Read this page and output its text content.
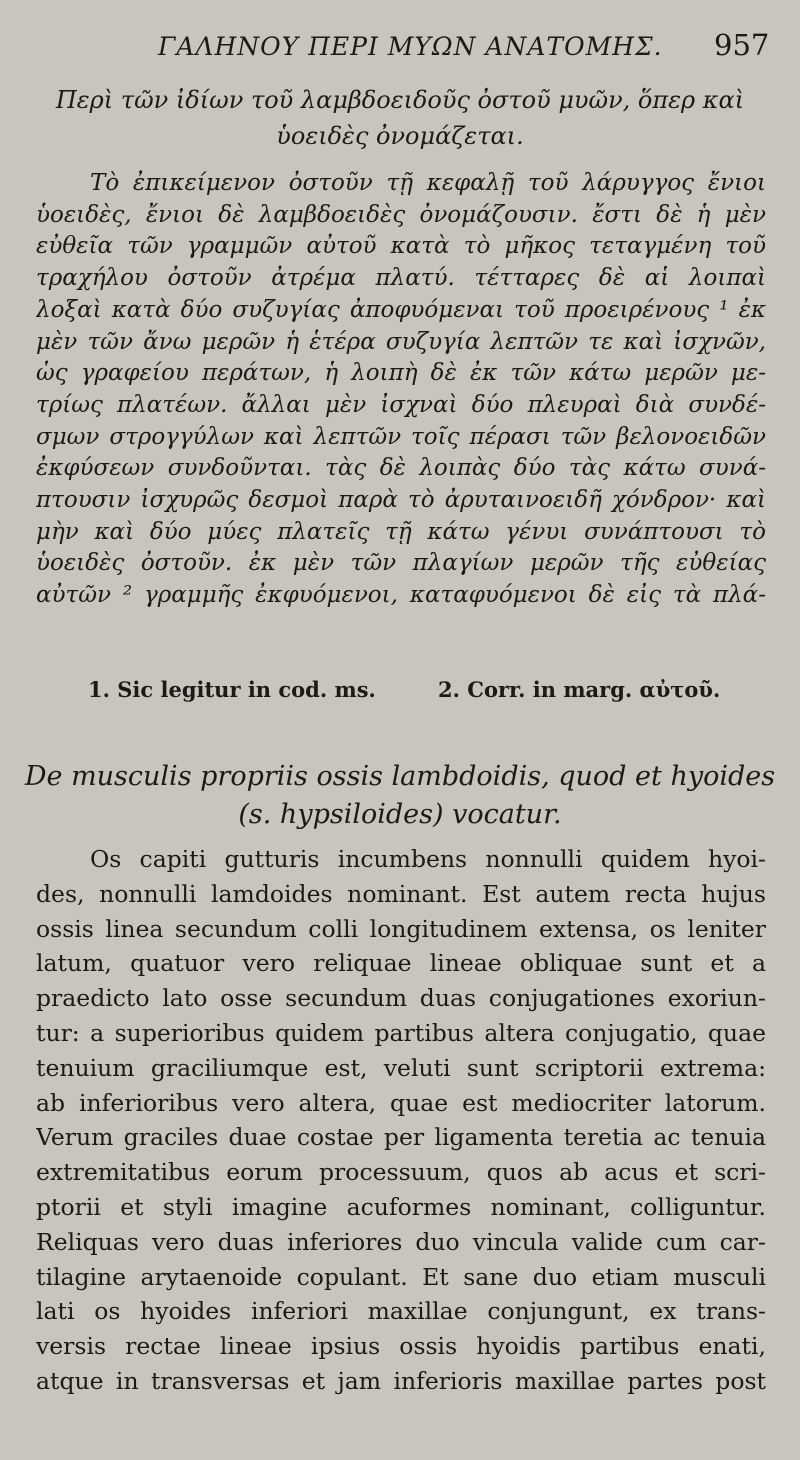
ΓΑΛΗΝΟΥ ΠΕΡΙ ΜΥΩΝ ΑΝΑΤΟΜΗΣ. 957
Περὶ τῶν ἰδίων τοῦ λαμβδοειδοῦς ὀστοῦ μυῶν, ὅπερ καὶ
ὑοειδὲς ὀνομάζεται.
Τὸ ἐπικείμενον ὀστοῦν τῇ κεφαλῇ τοῦ λάρυγγος ἔνιοι
ὑοειδὲς, ἔνιοι δὲ λαμβδοειδὲς ὀνομάζουσιν. ἔστι δὲ ἡ μὲν
εὐθεῖα τῶν γραμμῶν αὐτοῦ κατὰ τὸ μῆκος τεταγμένη τοῦ
τραχήλου ὀστοῦν ἀτρέμα πλατύ. τέτταρες δὲ αἱ λοιπαὶ
λοξαὶ κατὰ δύο συζυγίας ἀποφυόμεναι τοῦ προειρένους ¹ ἐκ
μὲν τῶν ἄνω μερῶν ἡ ἑτέρα συζυγία λεπτῶν τε καὶ ἰσχνῶν,
ὡς γραφείου περάτων, ἡ λοιπὴ δὲ ἐκ τῶν κάτω μερῶν με-
τρίως πλατέων. ἄλλαι μὲν ἰσχναὶ δύο πλευραὶ διὰ συνδέ-
σμων στρογγύλων καὶ λεπτῶν τοῖς πέρασι τῶν βελονοειδῶν
ἐκφύσεων συνδοῦνται. τὰς δὲ λοιπὰς δύο τὰς κάτω συνά-
πτουσιν ἰσχυρῶς δεσμοὶ παρὰ τὸ ἀρυταινοειδῆ χόνδρον· καὶ
μὴν καὶ δύο μύες πλατεῖς τῇ κάτω γένυι συνάπτουσι τὸ
ὑοειδὲς ὀστοῦν. ἐκ μὲν τῶν πλαγίων μερῶν τῆς εὐθείας
αὐτῶν ² γραμμῆς ἐκφυόμενοι, καταφυόμενοι δὲ εἰς τὰ πλά-
1. Sic legitur in cod. ms.	2. Corr. in marg. αὐτοῦ.
De musculis propriis ossis lambdoidis, quod et hyoides
(s. hypsiloides) vocatur.
Os capiti gutturis incumbens nonnulli quidem hyoi-
des, nonnulli lamdoides nominant. Est autem recta hujus
ossis linea secundum colli longitudinem extensa, os leniter
latum, quatuor vero reliquae lineae obliquae sunt et a
praedicto lato osse secundum duas conjugationes exoriun-
tur: a superioribus quidem partibus altera conjugatio, quae
tenuium graciliumque est, veluti sunt scriptorii extrema:
ab inferioribus vero altera, quae est mediocriter latorum.
Verum graciles duae costae per ligamenta teretia ac tenuia
extremitatibus eorum processuum, quos ab acus et scri-
ptorii et styli imagine acuformes nominant, colliguntur.
Reliquas vero duas inferiores duo vincula valide cum car-
tilagine arytaenoide copulant. Et sane duo etiam musculi
lati os hyoides inferiori maxillae conjungunt, ex trans-
versis rectae lineae ipsius ossis hyoidis partibus enati,
atque in transversas et jam inferioris maxillae partes post
